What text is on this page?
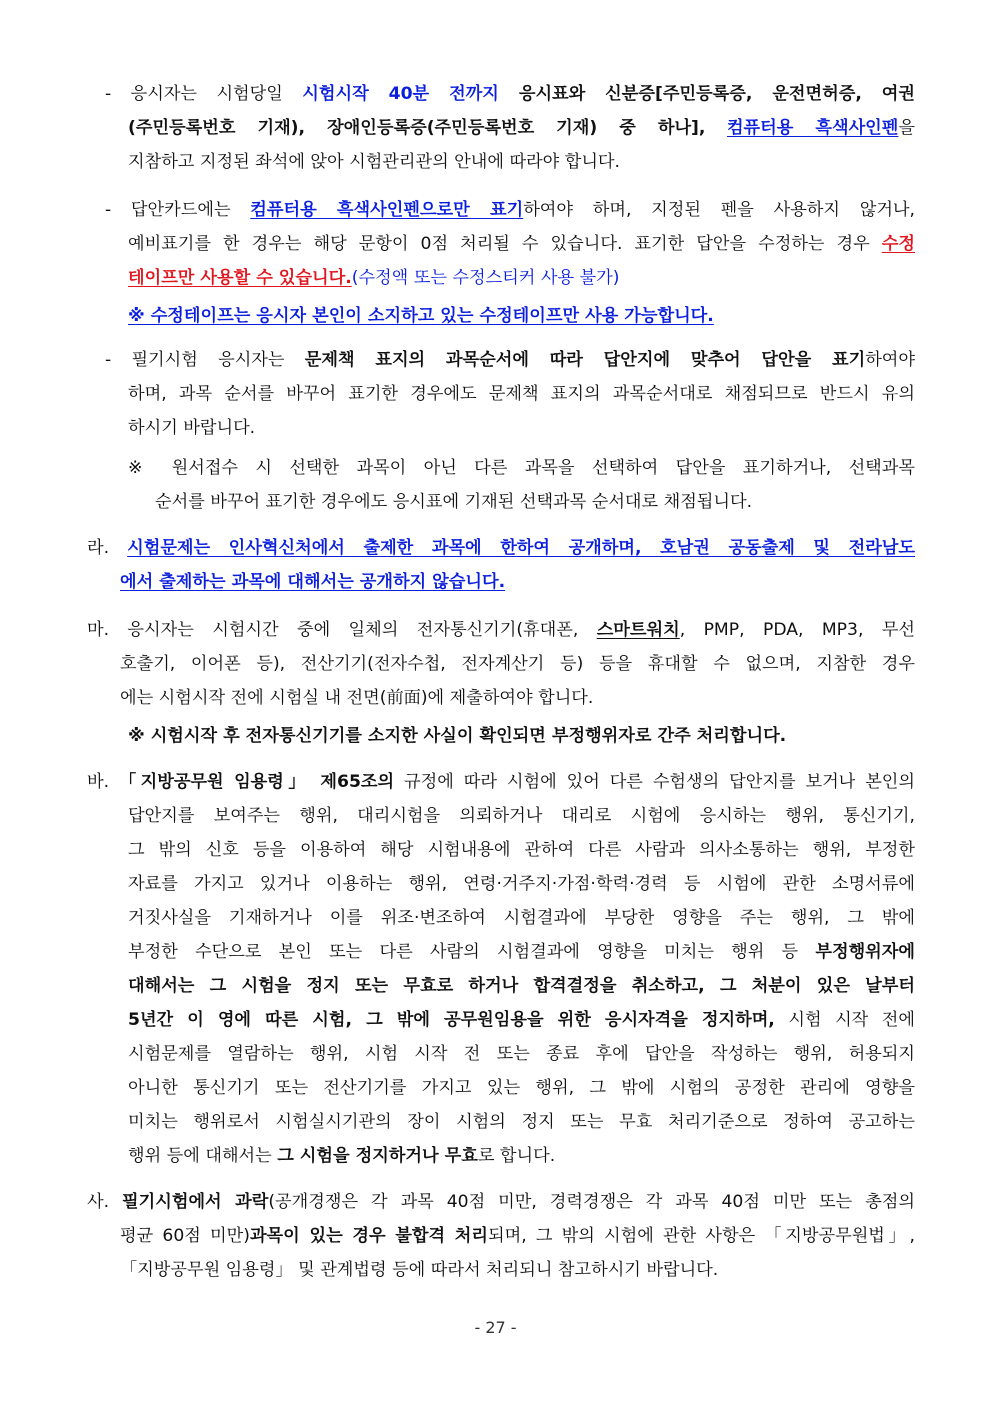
- 응시자는 시험당일 시험시작 40분 전까지 응시표와 신분증[주민등록증, 운전면허증, 여권
(주민등록번호 기재), 장애인등록증(주민등록번호 기재) 중 하나], 컴퓨터용 흑색사인펜을
지참하고 지정된 좌석에 앉아 시험관리관의 안내에 따라야 합니다.
- 답안카드에는 컴퓨터용 흑색사인펜으로만 표기하여야 하며, 지정된 펜을 사용하지 않거나,
예비표기를 한 경우는 해당 문항이 0점 처리될 수 있습니다. 표기한 답안을 수정하는 경우 수정
테이프만 사용할 수 있습니다.(수정액 또는 수정스티커 사용 불가)
※ 수정테이프는 응시자 본인이 소지하고 있는 수정테이프만 사용 가능합니다.
- 필기시험 응시자는 문제책 표지의 과목순서에 따라 답안지에 맞추어 답안을 표기하여야
하며, 과목 순서를 바꾸어 표기한 경우에도 문제책 표지의 과목순서대로 채점되므로 반드시 유의
하시기 바랍니다.
※ 원서접수 시 선택한 과목이 아닌 다른 과목을 선택하여 답안을 표기하거나, 선택과목
순서를 바꾸어 표기한 경우에도 응시표에 기재된 선택과목 순서대로 채점됩니다.
라. 시험문제는 인사혁신처에서 출제한 과목에 한하여 공개하며, 호남권 공동출제 및 전라남도
에서 출제하는 과목에 대해서는 공개하지 않습니다.
마. 응시자는 시험시간 중에 일체의 전자통신기기(휴대폰, 스마트워치, PMP, PDA, MP3, 무선
호출기, 이어폰 등), 전산기기(전자수첩, 전자계산기 등) 등을 휴대할 수 없으며, 지참한 경우
에는 시험시작 전에 시험실 내 전면(前面)에 제출하여야 합니다.
※ 시험시작 후 전자통신기기를 소지한 사실이 확인되면 부정행위자로 간주 처리합니다.
바. 「지방공무원 임용령」 제65조의 규정에 따라 시험에 있어 다른 수험생의 답안지를 보거나 본인의
답안지를 보여주는 행위, 대리시험을 의뢰하거나 대리로 시험에 응시하는 행위, 통신기기,
그 밖의 신호 등을 이용하여 해당 시험내용에 관하여 다른 사람과 의사소통하는 행위, 부정한
자료를 가지고 있거나 이용하는 행위, 연령·거주지·가점·학력·경력 등 시험에 관한 소명서류에
거짓사실을 기재하거나 이를 위조·변조하여 시험결과에 부당한 영향을 주는 행위, 그 밖에
부정한 수단으로 본인 또는 다른 사람의 시험결과에 영향을 미치는 행위 등 부정행위자에
대해서는 그 시험을 정지 또는 무효로 하거나 합격결정을 취소하고, 그 처분이 있은 날부터
5년간 이 영에 따른 시험, 그 밖에 공무원임용을 위한 응시자격을 정지하며, 시험 시작 전에
시험문제를 열람하는 행위, 시험 시작 전 또는 종료 후에 답안을 작성하는 행위, 허용되지
아니한 통신기기 또는 전산기기를 가지고 있는 행위, 그 밖에 시험의 공정한 관리에 영향을
미치는 행위로서 시험실시기관의 장이 시험의 정지 또는 무효 처리기준으로 정하여 공고하는
행위 등에 대해서는 그 시험을 정지하거나 무효로 합니다.
사. 필기시험에서 과락(공개경쟁은 각 과목 40점 미만, 경력경쟁은 각 과목 40점 미만 또는 총점의
평균 60점 미만)과목이 있는 경우 불합격 처리되며, 그 밖의 시험에 관한 사항은 「지방공무원법」,
「지방공무원 임용령」 및 관계법령 등에 따라서 처리되니 참고하시기 바랍니다.
- 27 -
